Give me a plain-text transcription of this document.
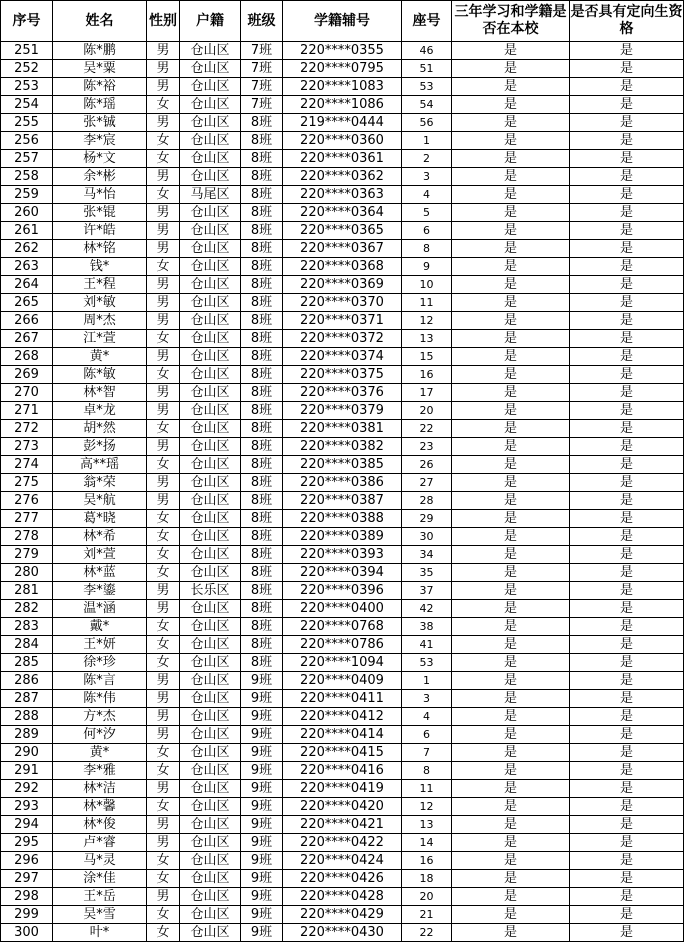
序号	姓名	性别	户籍	班级	学籍辅号	座号	三年学习和学籍是否在本校	是否具有定向生资格
251	陈*鹏	男	仓山区	7班	220****0355	46	是	是
252	吴*粟	男	仓山区	7班	220****0795	51	是	是
253	陈*裕	男	仓山区	7班	220****1083	53	是	是
254	陈*瑶	女	仓山区	7班	220****1086	54	是	是
255	张*铖	男	仓山区	8班	219****0444	56	是	是
256	李*宸	女	仓山区	8班	220****0360	1	是	是
257	杨*文	女	仓山区	8班	220****0361	2	是	是
258	余*彬	男	仓山区	8班	220****0362	3	是	是
259	马*怡	女	马尾区	8班	220****0363	4	是	是
260	张*锟	男	仓山区	8班	220****0364	5	是	是
261	许*皓	男	仓山区	8班	220****0365	6	是	是
262	林*铭	男	仓山区	8班	220****0367	8	是	是
263	钱*	女	仓山区	8班	220****0368	9	是	是
264	王*程	男	仓山区	8班	220****0369	10	是	是
265	刘*敏	男	仓山区	8班	220****0370	11	是	是
266	周*杰	男	仓山区	8班	220****0371	12	是	是
267	江*萱	女	仓山区	8班	220****0372	13	是	是
268	黄*	男	仓山区	8班	220****0374	15	是	是
269	陈*敏	女	仓山区	8班	220****0375	16	是	是
270	林*智	男	仓山区	8班	220****0376	17	是	是
271	卓*龙	男	仓山区	8班	220****0379	20	是	是
272	胡*然	女	仓山区	8班	220****0381	22	是	是
273	彭*扬	男	仓山区	8班	220****0382	23	是	是
274	高**瑶	女	仓山区	8班	220****0385	26	是	是
275	翁*荣	男	仓山区	8班	220****0386	27	是	是
276	吴*航	男	仓山区	8班	220****0387	28	是	是
277	葛*晓	女	仓山区	8班	220****0388	29	是	是
278	林*希	女	仓山区	8班	220****0389	30	是	是
279	刘*萱	女	仓山区	8班	220****0393	34	是	是
280	林*蓝	女	仓山区	8班	220****0394	35	是	是
281	李*鎏	男	长乐区	8班	220****0396	37	是	是
282	温*涵	男	仓山区	8班	220****0400	42	是	是
283	戴*	女	仓山区	8班	220****0768	38	是	是
284	王*妍	女	仓山区	8班	220****0786	41	是	是
285	徐*珍	女	仓山区	8班	220****1094	53	是	是
286	陈*言	男	仓山区	9班	220****0409	1	是	是
287	陈*伟	男	仓山区	9班	220****0411	3	是	是
288	方*杰	男	仓山区	9班	220****0412	4	是	是
289	何*汐	男	仓山区	9班	220****0414	6	是	是
290	黄*	女	仓山区	9班	220****0415	7	是	是
291	李*雅	女	仓山区	9班	220****0416	8	是	是
292	林*洁	男	仓山区	9班	220****0419	11	是	是
293	林*馨	女	仓山区	9班	220****0420	12	是	是
294	林*俊	男	仓山区	9班	220****0421	13	是	是
295	卢*睿	男	仓山区	9班	220****0422	14	是	是
296	马*灵	女	仓山区	9班	220****0424	16	是	是
297	涂*佳	女	仓山区	9班	220****0426	18	是	是
298	王*岳	男	仓山区	9班	220****0428	20	是	是
299	吴*雪	女	仓山区	9班	220****0429	21	是	是
300	叶*	女	仓山区	9班	220****0430	22	是	是
